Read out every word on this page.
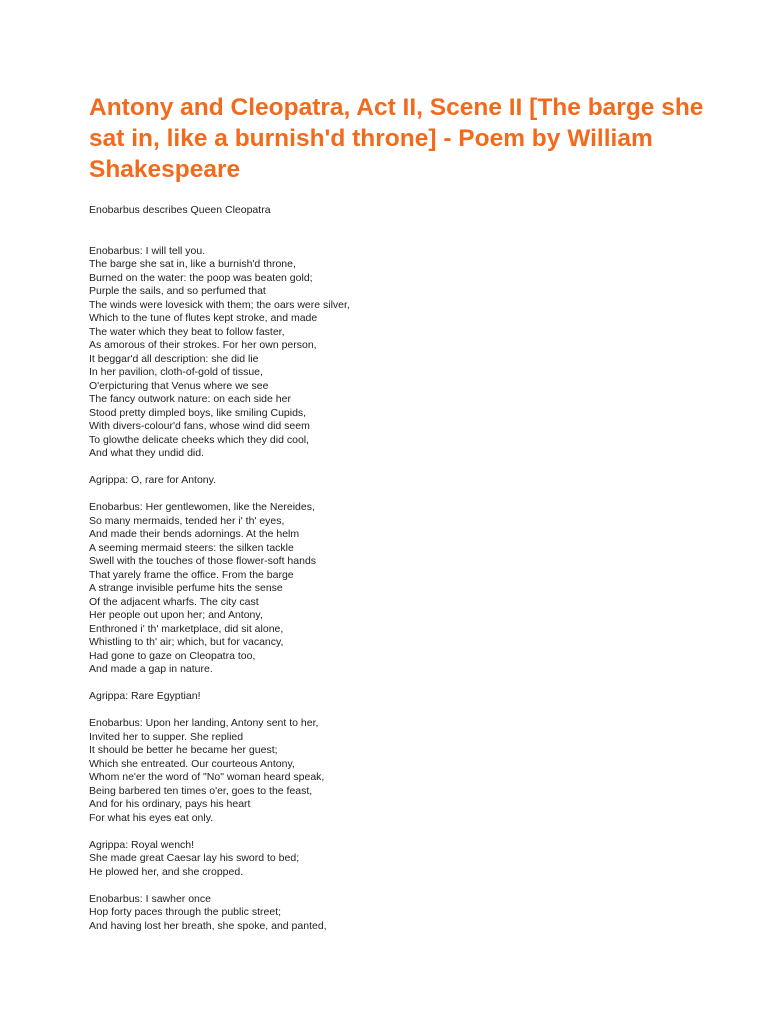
Antony and Cleopatra, Act II, Scene II [The barge she sat in, like a burnish'd throne] - Poem by William Shakespeare

Enobarbus describes Queen Cleopatra

Enobarbus: I will tell you.
The barge she sat in, like a burnish'd throne,
Burned on the water: the poop was beaten gold;
Purple the sails, and so perfumed that
The winds were lovesick with them; the oars were silver,
Which to the tune of flutes kept stroke, and made
The water which they beat to follow faster,
As amorous of their strokes. For her own person,
It beggar'd all description: she did lie
In her pavilion, cloth-of-gold of tissue,
O'erpicturing that Venus where we see
The fancy outwork nature: on each side her
Stood pretty dimpled boys, like smiling Cupids,
With divers-colour'd fans, whose wind did seem
To glowthe delicate cheeks which they did cool,
And what they undid did.
Agrippa: O, rare for Antony.
Enobarbus: Her gentlewomen, like the Nereides,
So many mermaids, tended her i' th' eyes,
And made their bends adornings. At the helm
A seeming mermaid steers: the silken tackle
Swell with the touches of those flower-soft hands
That yarely frame the office. From the barge
A strange invisible perfume hits the sense
Of the adjacent wharfs. The city cast
Her people out upon her; and Antony,
Enthroned i' th' marketplace, did sit alone,
Whistling to th' air; which, but for vacancy,
Had gone to gaze on Cleopatra too,
And made a gap in nature.
Agrippa: Rare Egyptian!
Enobarbus: Upon her landing, Antony sent to her,
Invited her to supper. She replied
It should be better he became her guest;
Which she entreated. Our courteous Antony,
Whom ne'er the word of "No" woman heard speak,
Being barbered ten times o'er, goes to the feast,
And for his ordinary, pays his heart
For what his eyes eat only.
Agrippa: Royal wench!
She made great Caesar lay his sword to bed;
He plowed her, and she cropped.
Enobarbus: I sawher once
Hop forty paces through the public street;
And having lost her breath, she spoke, and panted,
